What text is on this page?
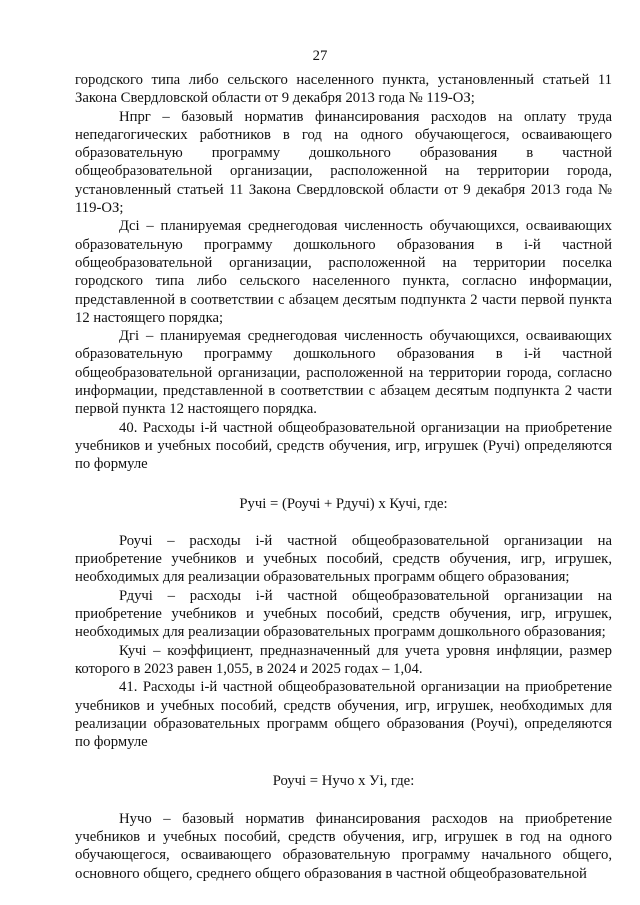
27

городского типа либо сельского населенного пункта, установленный статьей 11 Закона Свердловской области от 9 декабря 2013 года № 119-ОЗ;

Нпрг – базовый норматив финансирования расходов на оплату труда непедагогических работников в год на одного обучающегося, осваивающего образовательную программу дошкольного образования в частной общеобразовательной организации, расположенной на территории города, установленный статьей 11 Закона Свердловской области от 9 декабря 2013 года № 119-ОЗ;

Дсі – планируемая среднегодовая численность обучающихся, осваивающих образовательную программу дошкольного образования в і-й частной общеобразовательной организации, расположенной на территории поселка городского типа либо сельского населенного пункта, согласно информации, представленной в соответствии с абзацем десятым подпункта 2 части первой пункта 12 настоящего порядка;

Дгі – планируемая среднегодовая численность обучающихся, осваивающих образовательную программу дошкольного образования в і-й частной общеобразовательной организации, расположенной на территории города, согласно информации, представленной в соответствии с абзацем десятым подпункта 2 части первой пункта 12 настоящего порядка.

40. Расходы і-й частной общеобразовательной организации на приобретение учебников и учебных пособий, средств обучения, игр, игрушек (Ручі) определяются по формуле

Ручі = (Роучі + Рдучі) х Кучі, где:

Роучі – расходы і-й частной общеобразовательной организации на приобретение учебников и учебных пособий, средств обучения, игр, игрушек, необходимых для реализации образовательных программ общего образования;

Рдучі – расходы і-й частной общеобразовательной организации на приобретение учебников и учебных пособий, средств обучения, игр, игрушек, необходимых для реализации образовательных программ дошкольного образования;

Кучі – коэффициент, предназначенный для учета уровня инфляции, размер которого в 2023 равен 1,055, в 2024 и 2025 годах – 1,04.

41. Расходы і-й частной общеобразовательной организации на приобретение учебников и учебных пособий, средств обучения, игр, игрушек, необходимых для реализации образовательных программ общего образования (Роучі), определяются по формуле

Роучі = Нучо х Уі, где:

Нучо – базовый норматив финансирования расходов на приобретение учебников и учебных пособий, средств обучения, игр, игрушек в год на одного обучающегося, осваивающего образовательную программу начального общего, основного общего, среднего общего образования в частной общеобразовательной
